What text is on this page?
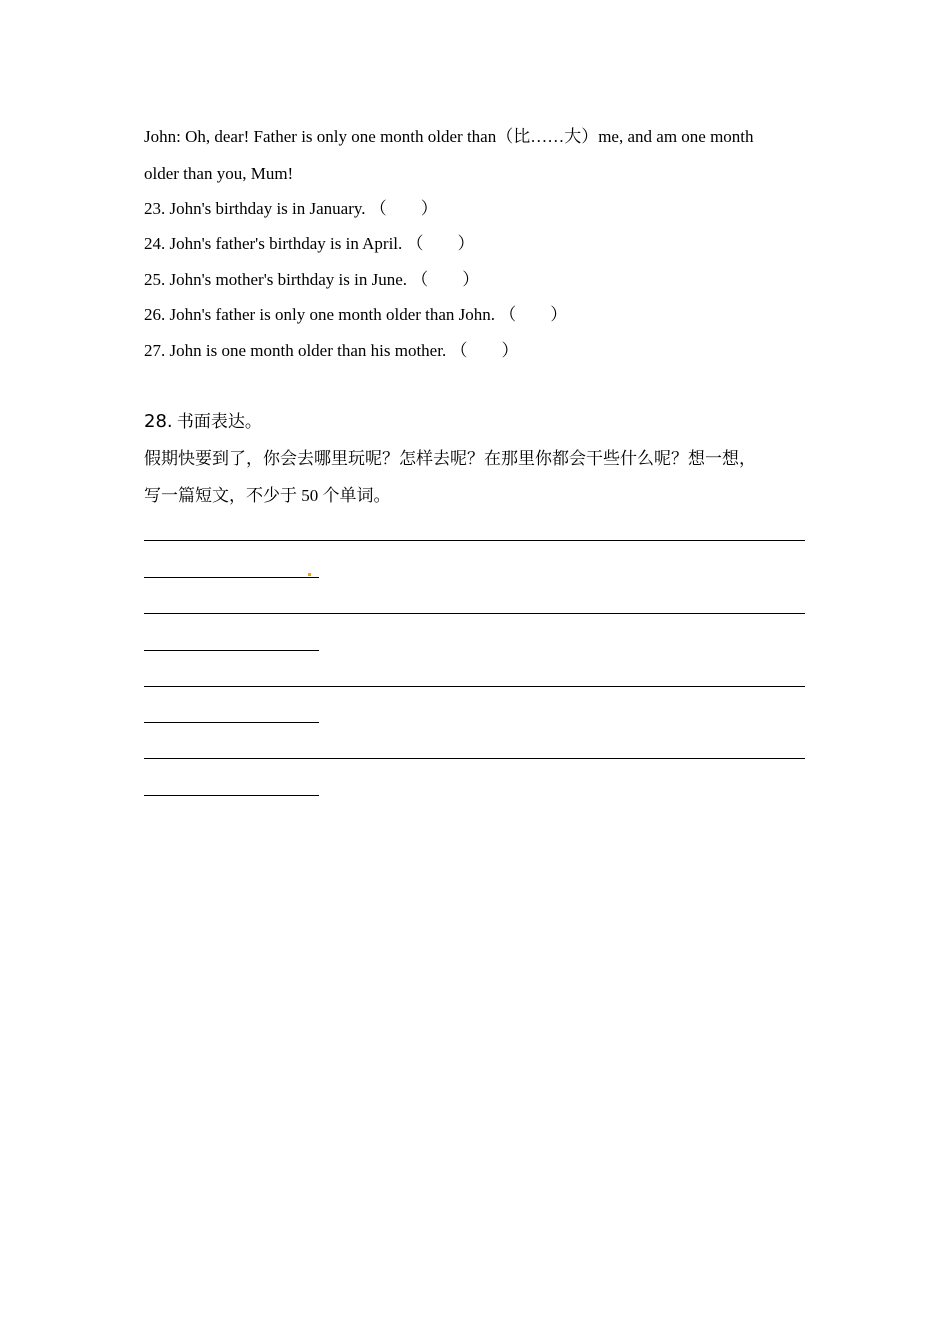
John: Oh, dear! Father is only one month older than（比……大）me, and am one month
older than you, Mum!
23. John's birthday is in January. （　　）
24. John's father's birthday is in April. （　　）
25. John's mother's birthday is in June. （　　）
26. John's father is only one month older than John. （　　）
27. John is one month older than his mother. （　　）
28. 书面表达。
假期快要到了，你会去哪里玩呢？怎样去呢？在那里你都会干些什么呢？想一想，
写一篇短文，不少于 50 个单词。
